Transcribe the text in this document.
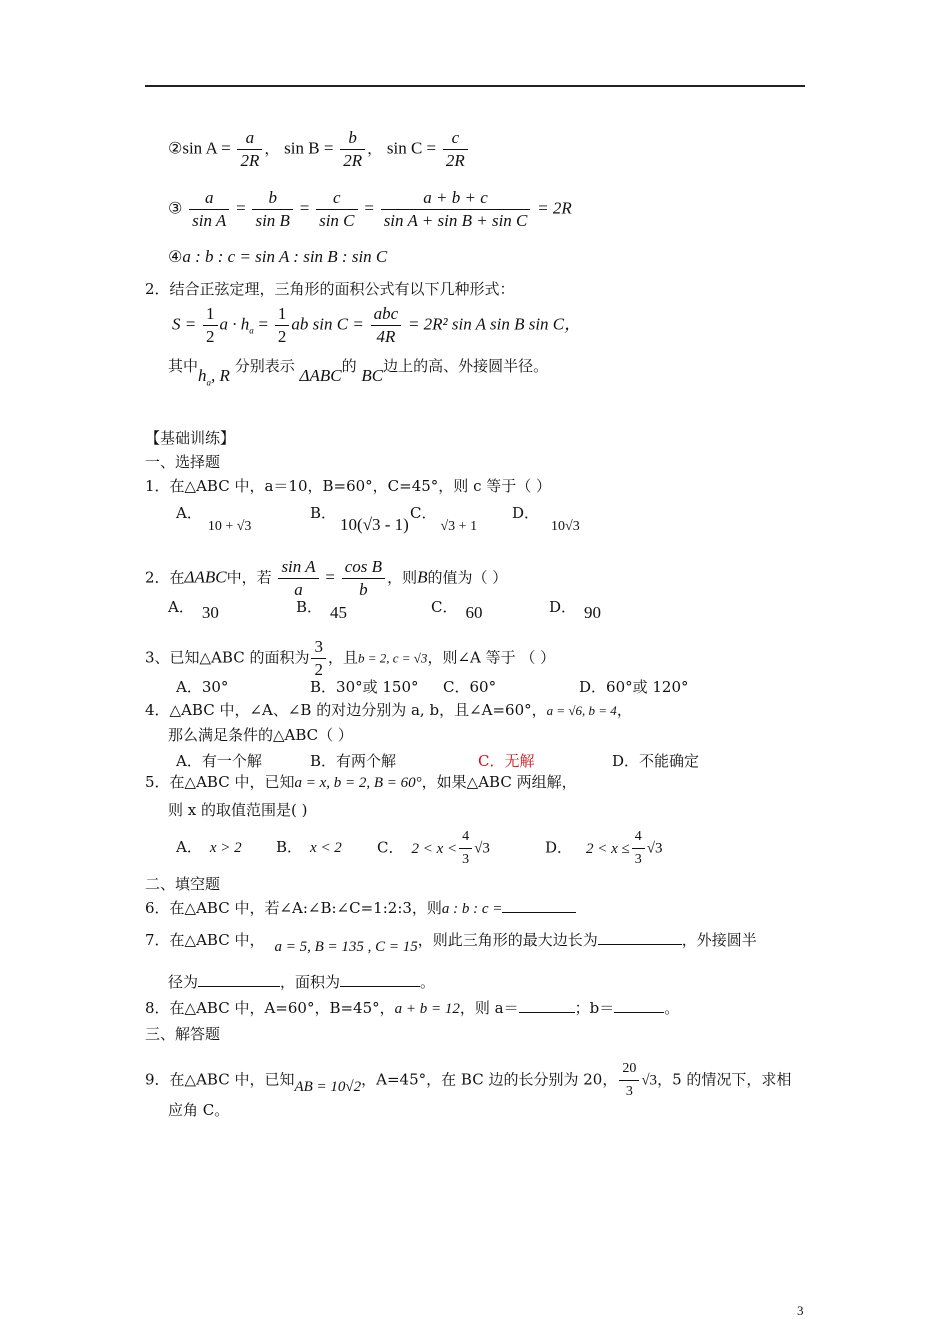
②sin $A = \frac{a}{2R}$ ， $\sin B = \frac{b}{2R}$ ， $\sin C = \frac{c}{2R}$
③ $\frac{a}{\text{sin A}} = \frac{b}{\text{sin B}} = \frac{c}{\text{sin C}} = \frac{a + b + c}{\text{sin A + sin B + sin C}} = 2R$
④a : b : c = sin A : sin B : sin C
2．结合正弦定理，三角形的面积公式有以下几种形式：
$S = \frac{1}{2}$ $a \cdot h_a = \frac{1}{2}$ ab $\sin C = \frac{\text{abc}}{4R} = 2R^2$ sin A sin B sin C，
其中$h_a$, R 分别表示 ΔABC的 BC边上的高、外接圆半径。
【基础训练】
一、选择题
1．在△ABC 中，a＝10，B=60°，C=45°，则 c 等于（ ）
A．10 + √3
B．10(√3 - 1)
C．√3 + 1
D．10√3
2．在ΔABC中，若 $\frac{\text{sin A}}{a} = \frac{\text{cos B}}{b}$ ，则B的值为（ ）
A． 30	B． 45	C． 60	D． 90
3、已知△ABC 的面积为 $\frac{3}{2}$ ，且b = 2, c = √3，则∠A 等于 （ ）
A．30°	B．30°或 150° C．60°	D．60°或 120°
4．△ABC 中，∠A、∠B 的对边分别为 a, b，且∠A=60°，a = √6, b = 4，
那么满足条件的△ABC（ ）
A．有一个解	B．有两个解	C．无解	D．不能确定
5．在△ABC 中，已知a = x, b = 2, B = 60°，如果△ABC 两组解，
则 x 的取值范围是( )
A． x > 2 B． x < 2 C． $2 < x < \frac{4}{3} √3$	D． $2 < x \le \frac{4}{3} √3$
二、填空题
6．在△ABC 中，若∠A:∠B:∠C=1:2:3，则a : b : c =
7．在△ABC 中， a = 5, B = 135 , C = 15，则此三角形的最大边长为	，外接圆半
径为	，面积为	。
8．在△ABC 中，A=60°，B=45°，a + b = 12，则 a＝	；b＝	。
三、解答题
9．在△ABC 中，已知AB = 10√2，A=45°，在 BC 边的长分别为 20， $\frac{20}{3} √3$，5 的情况下，求相
应角 C。
3
